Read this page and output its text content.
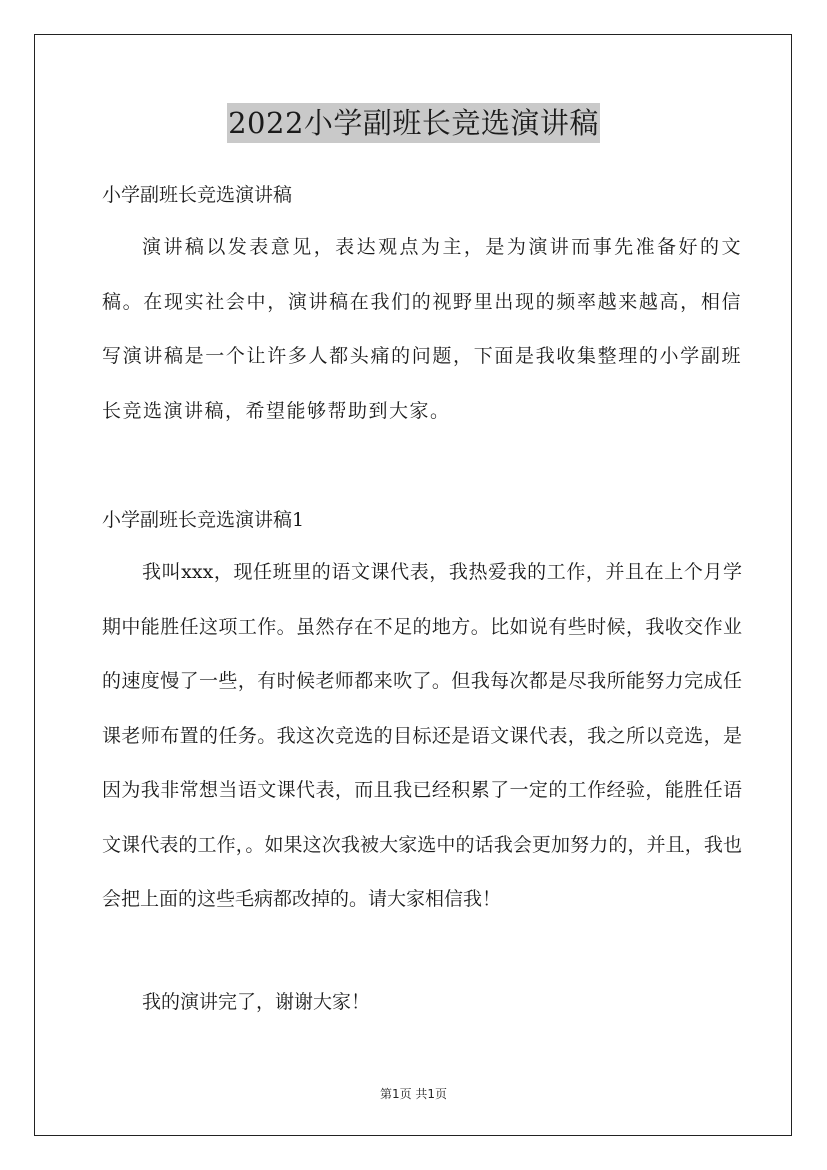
2022小学副班长竞选演讲稿
小学副班长竞选演讲稿

演讲稿以发表意见，表达观点为主，是为演讲而事先准备好的文稿。在现实社会中，演讲稿在我们的视野里出现的频率越来越高，相信写演讲稿是一个让许多人都头痛的问题，下面是我收集整理的小学副班长竞选演讲稿，希望能够帮助到大家。

小学副班长竞选演讲稿1

我叫xxx，现任班里的语文课代表，我热爱我的工作，并且在上个月学期中能胜任这项工作。虽然存在不足的地方。比如说有些时候，我收交作业的速度慢了一些，有时候老师都来吹了。但我每次都是尽我所能努力完成任课老师布置的任务。我这次竞选的目标还是语文课代表，我之所以竞选，是因为我非常想当语文课代表，而且我已经积累了一定的工作经验，能胜任语文课代表的工作，。如果这次我被大家选中的话我会更加努力的，并且，我也会把上面的这些毛病都改掉的。请大家相信我！

我的演讲完了，谢谢大家！

第1页 共1页
